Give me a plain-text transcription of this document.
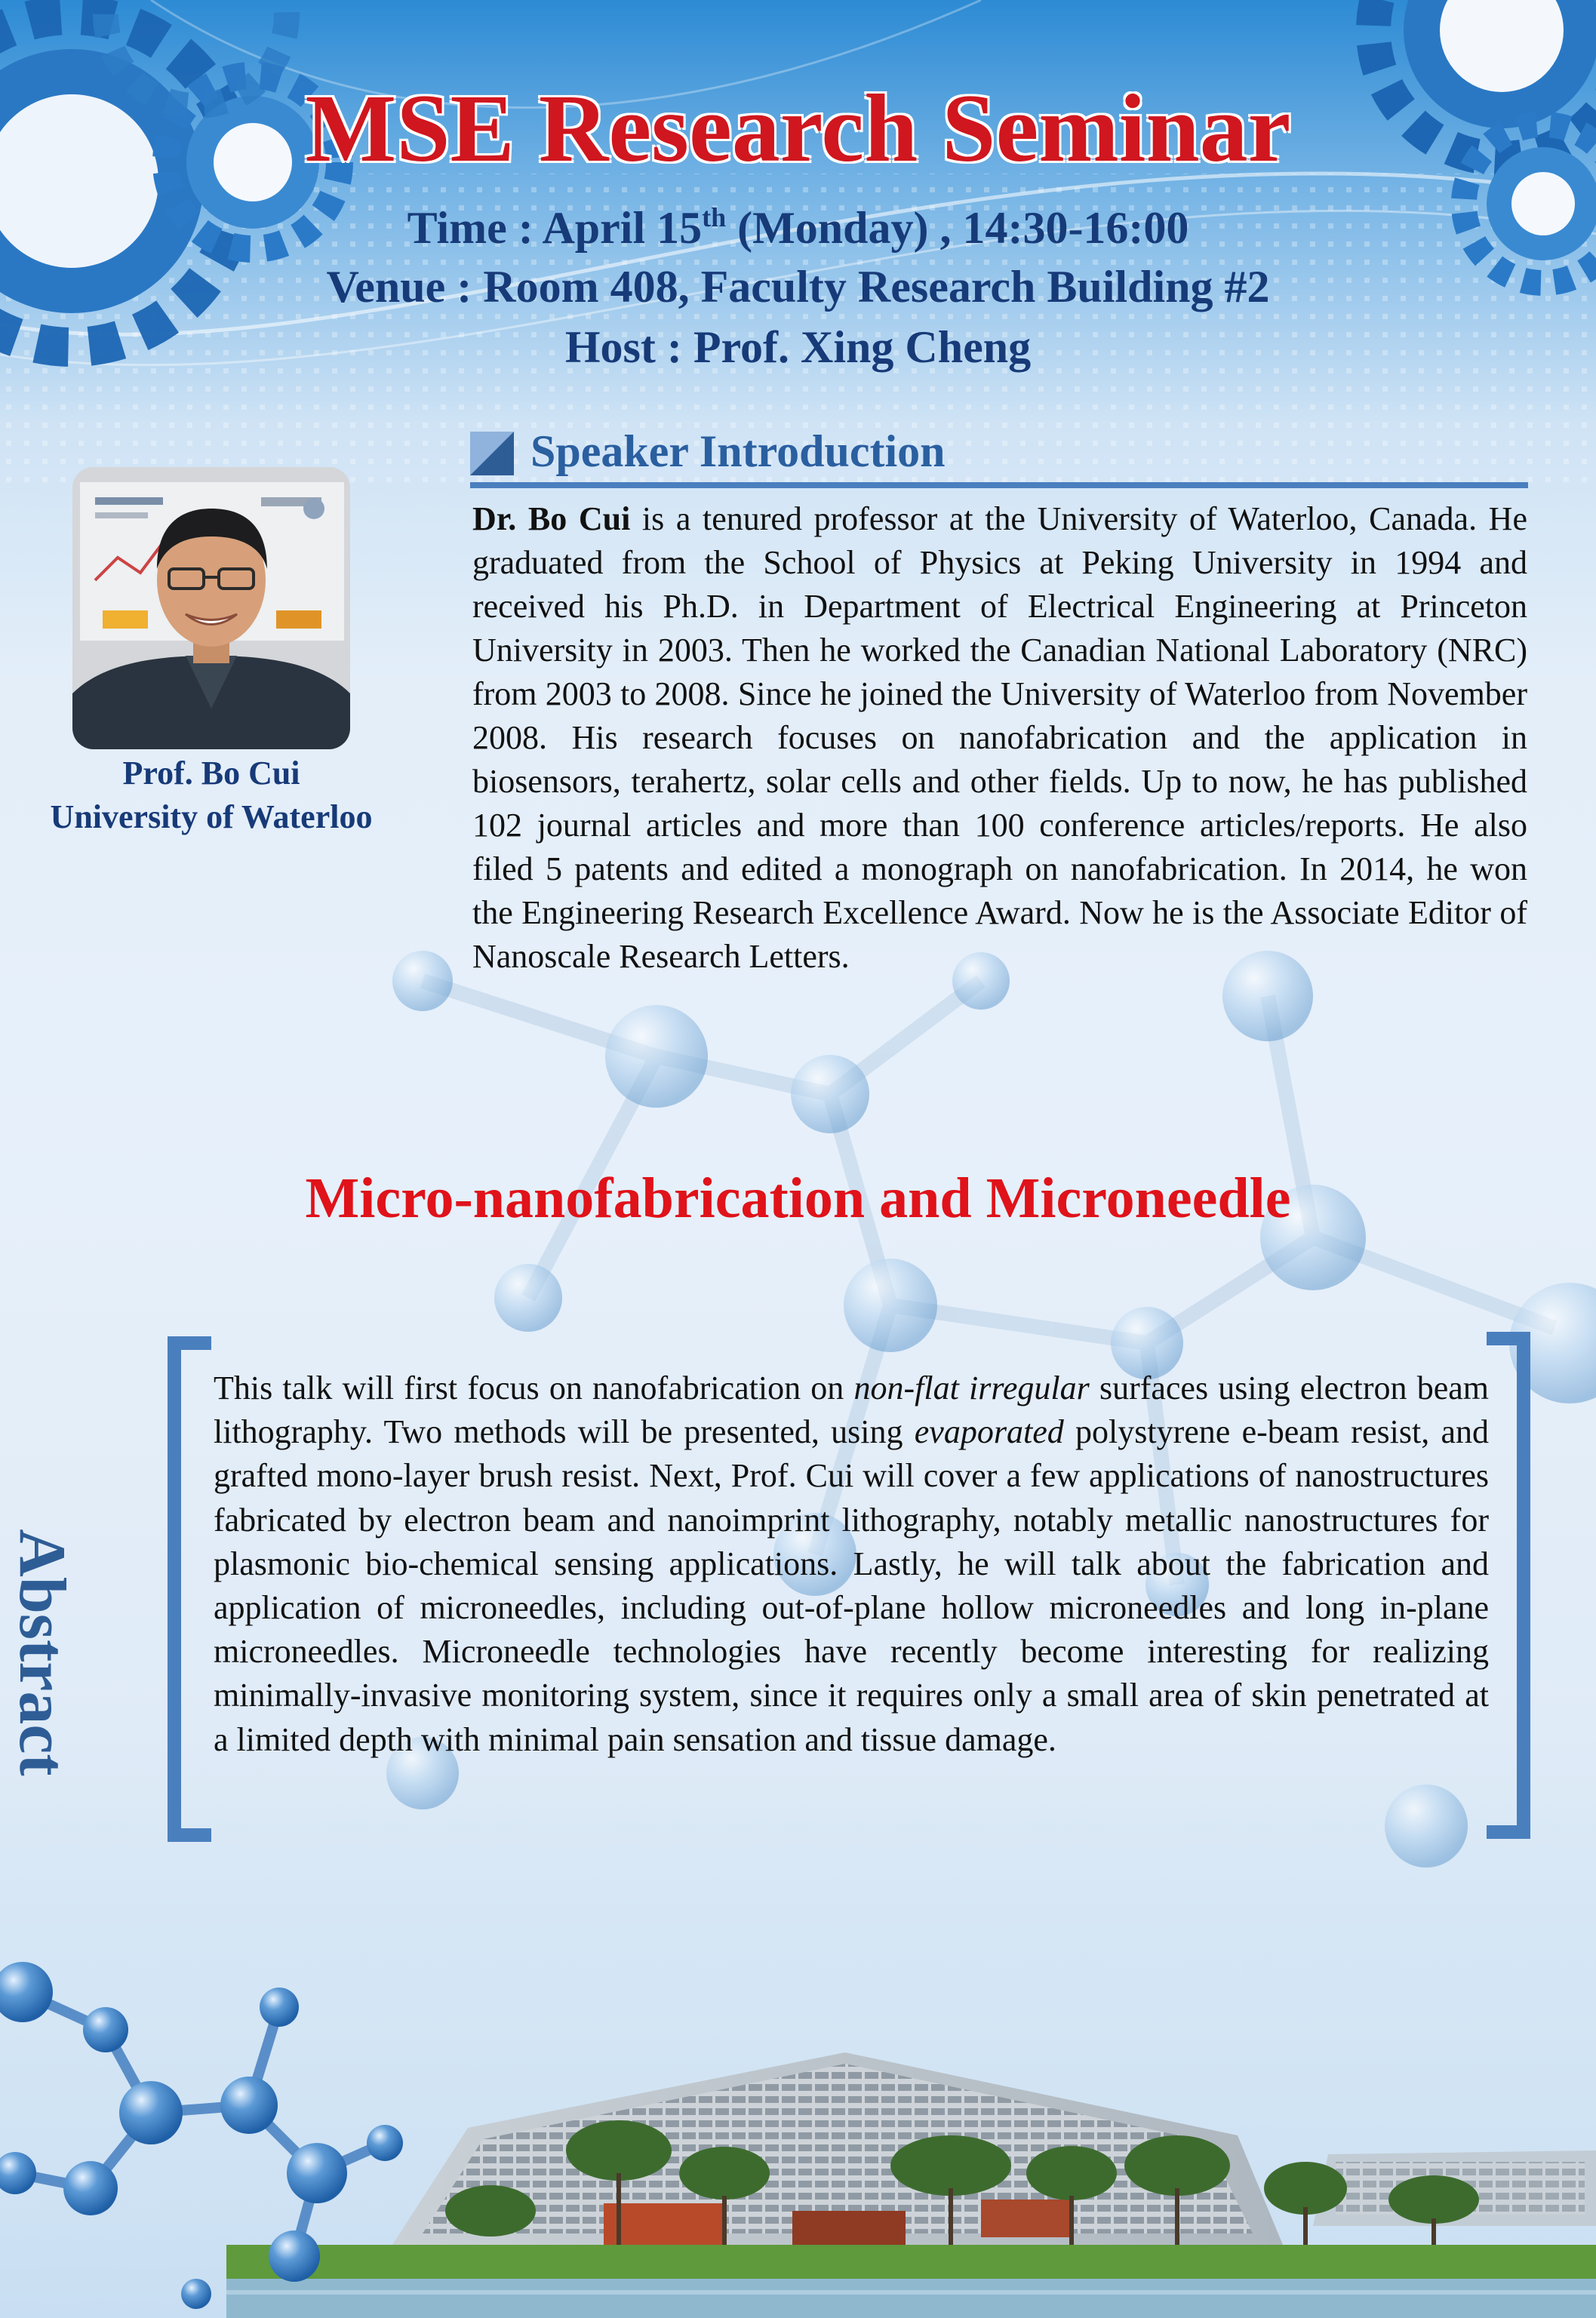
MSE Research Seminar
Time : April 15th (Monday) , 14:30-16:00
Venue : Room 408, Faculty Research Building #2
Host : Prof. Xing Cheng
Prof. Bo Cui
University of Waterloo
Speaker Introduction

Dr. Bo Cui is a tenured professor at the University of Waterloo, Canada. He graduated from the School of Physics at Peking University in 1994 and received his Ph.D. in Department of Electrical Engineering at Princeton University in 2003. Then he worked the Canadian National Laboratory (NRC) from 2003 to 2008. Since he joined the University of Waterloo from November 2008. His research focuses on nanofabrication and the application in biosensors, terahertz, solar cells and other fields. Up to now, he has published 102 journal articles and more than 100 conference articles/reports. He also filed 5 patents and edited a monograph on nanofabrication. In 2014, he won the Engineering Research Excellence Award. Now he is the Associate Editor of Nanoscale Research Letters.

Micro-nanofabrication and Microneedle
Abstract

This talk will first focus on nanofabrication on non-flat irregular surfaces using electron beam lithography. Two methods will be presented, using evaporated polystyrene e-beam resist, and grafted mono-layer brush resist. Next, Prof. Cui will cover a few applications of nanostructures fabricated by electron beam and nanoimprint lithography, notably metallic nanostructures for plasmonic bio-chemical sensing applications. Lastly, he will talk about the fabrication and application of microneedles, including out-of-plane hollow microneedles and long in-plane microneedles. Microneedle technologies have recently become interesting for realizing minimally-invasive monitoring system, since it requires only a small area of skin penetrated at a limited depth with minimal pain sensation and tissue damage.
